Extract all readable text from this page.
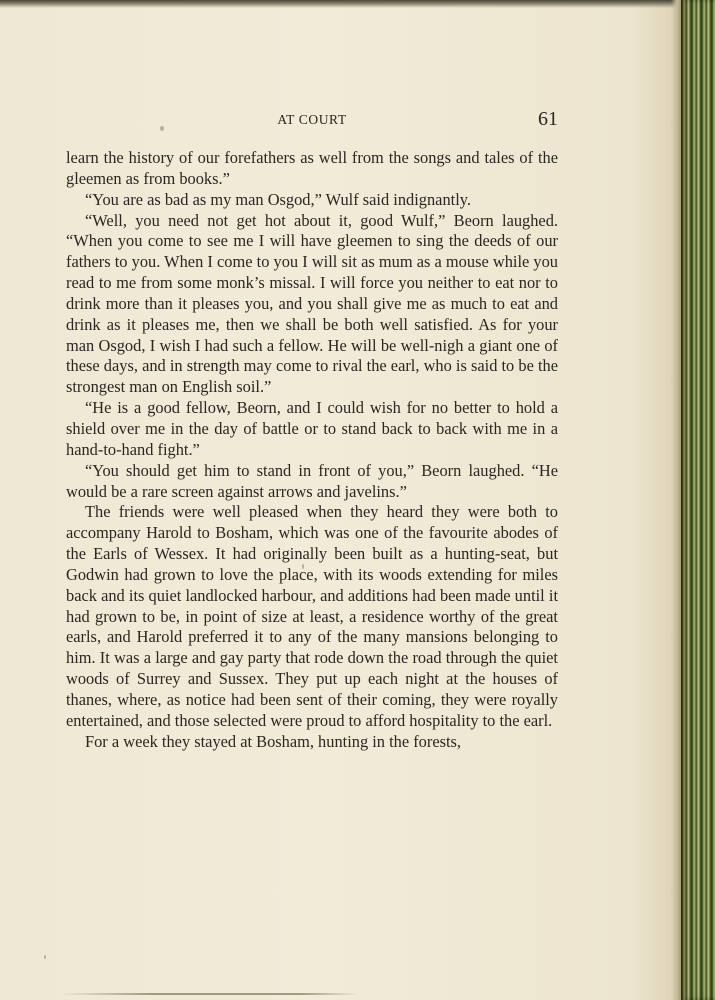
AT COURT	61

learn the history of our forefathers as well from the songs and tales of the gleemen as from books.”

“You are as bad as my man Osgod,” Wulf said indignantly.

“Well, you need not get hot about it, good Wulf,” Beorn laughed. “When you come to see me I will have gleemen to sing the deeds of our fathers to you. When I come to you I will sit as mum as a mouse while you read to me from some monk’s missal. I will force you neither to eat nor to drink more than it pleases you, and you shall give me as much to eat and drink as it pleases me, then we shall be both well satisfied. As for your man Osgod, I wish I had such a fellow. He will be well-nigh a giant one of these days, and in strength may come to rival the earl, who is said to be the strongest man on English soil.”

“He is a good fellow, Beorn, and I could wish for no better to hold a shield over me in the day of battle or to stand back to back with me in a hand-to-hand fight.”

“You should get him to stand in front of you,” Beorn laughed. “He would be a rare screen against arrows and javelins.”

The friends were well pleased when they heard they were both to accompany Harold to Bosham, which was one of the favourite abodes of the Earls of Wessex. It had originally been built as a hunting-seat, but Godwin had grown to love the place, with its woods extending for miles back and its quiet landlocked harbour, and additions had been made until it had grown to be, in point of size at least, a residence worthy of the great earls, and Harold preferred it to any of the many mansions belonging to him. It was a large and gay party that rode down the road through the quiet woods of Surrey and Sussex. They put up each night at the houses of thanes, where, as notice had been sent of their coming, they were royally entertained, and those selected were proud to afford hospitality to the earl.

For a week they stayed at Bosham, hunting in the forests,
